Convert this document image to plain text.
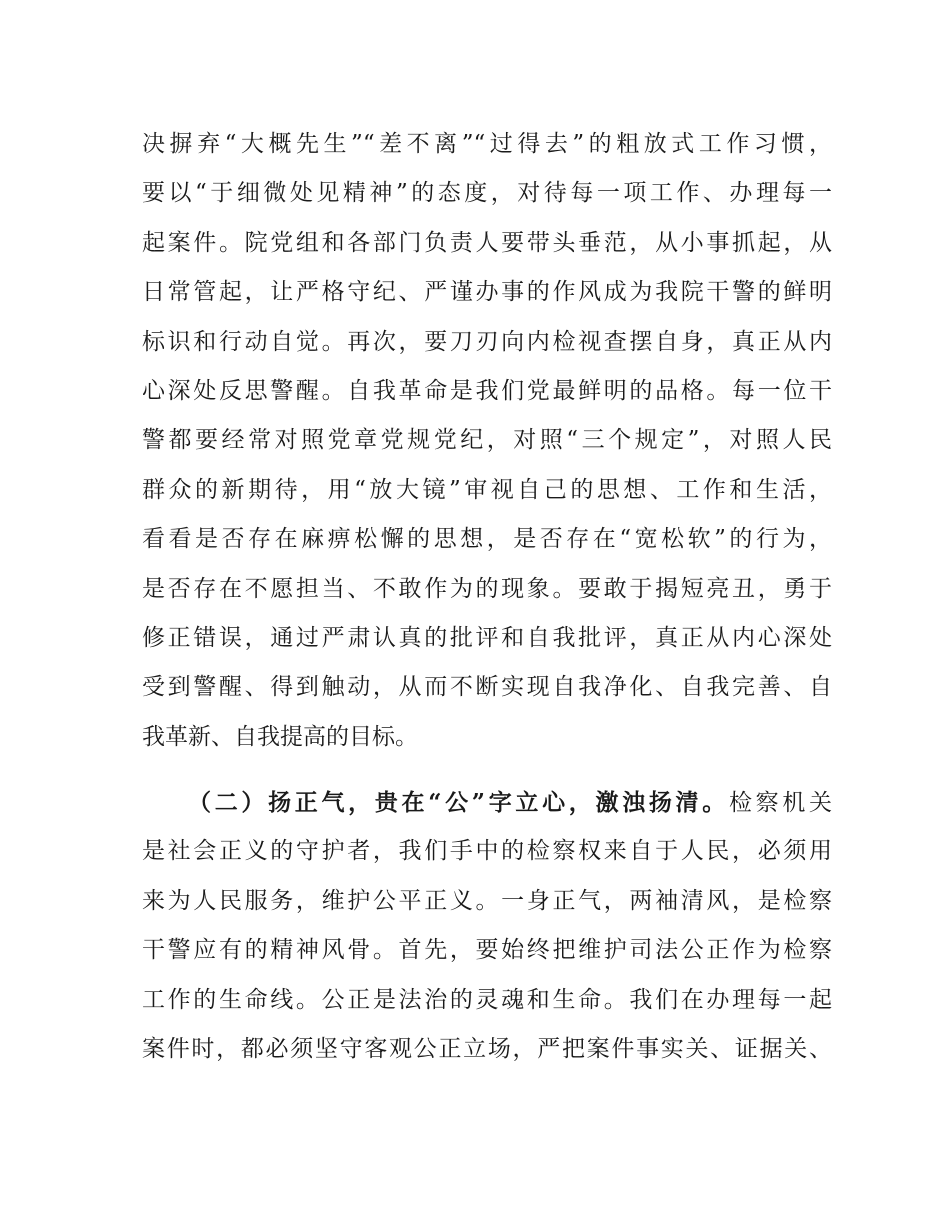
决摒弃“大概先生”“差不离”“过得去”的粗放式工作习惯，
要以“于细微处见精神”的态度，对待每一项工作、办理每一
起案件。院党组和各部门负责人要带头垂范，从小事抓起，从
日常管起，让严格守纪、严谨办事的作风成为我院干警的鲜明
标识和行动自觉。再次，要刀刃向内检视查摆自身，真正从内
心深处反思警醒。自我革命是我们党最鲜明的品格。每一位干
警都要经常对照党章党规党纪，对照“三个规定”，对照人民
群众的新期待，用“放大镜”审视自己的思想、工作和生活，
看看是否存在麻痹松懈的思想，是否存在“宽松软”的行为，
是否存在不愿担当、不敢作为的现象。要敢于揭短亮丑，勇于
修正错误，通过严肃认真的批评和自我批评，真正从内心深处
受到警醒、得到触动，从而不断实现自我净化、自我完善、自
我革新、自我提高的目标。
（二）扬正气，贵在“公”字立心，激浊扬清。检察机关
是社会正义的守护者，我们手中的检察权来自于人民，必须用
来为人民服务，维护公平正义。一身正气，两袖清风，是检察
干警应有的精神风骨。首先，要始终把维护司法公正作为检察
工作的生命线。公正是法治的灵魂和生命。我们在办理每一起
案件时，都必须坚守客观公正立场，严把案件事实关、证据关、
